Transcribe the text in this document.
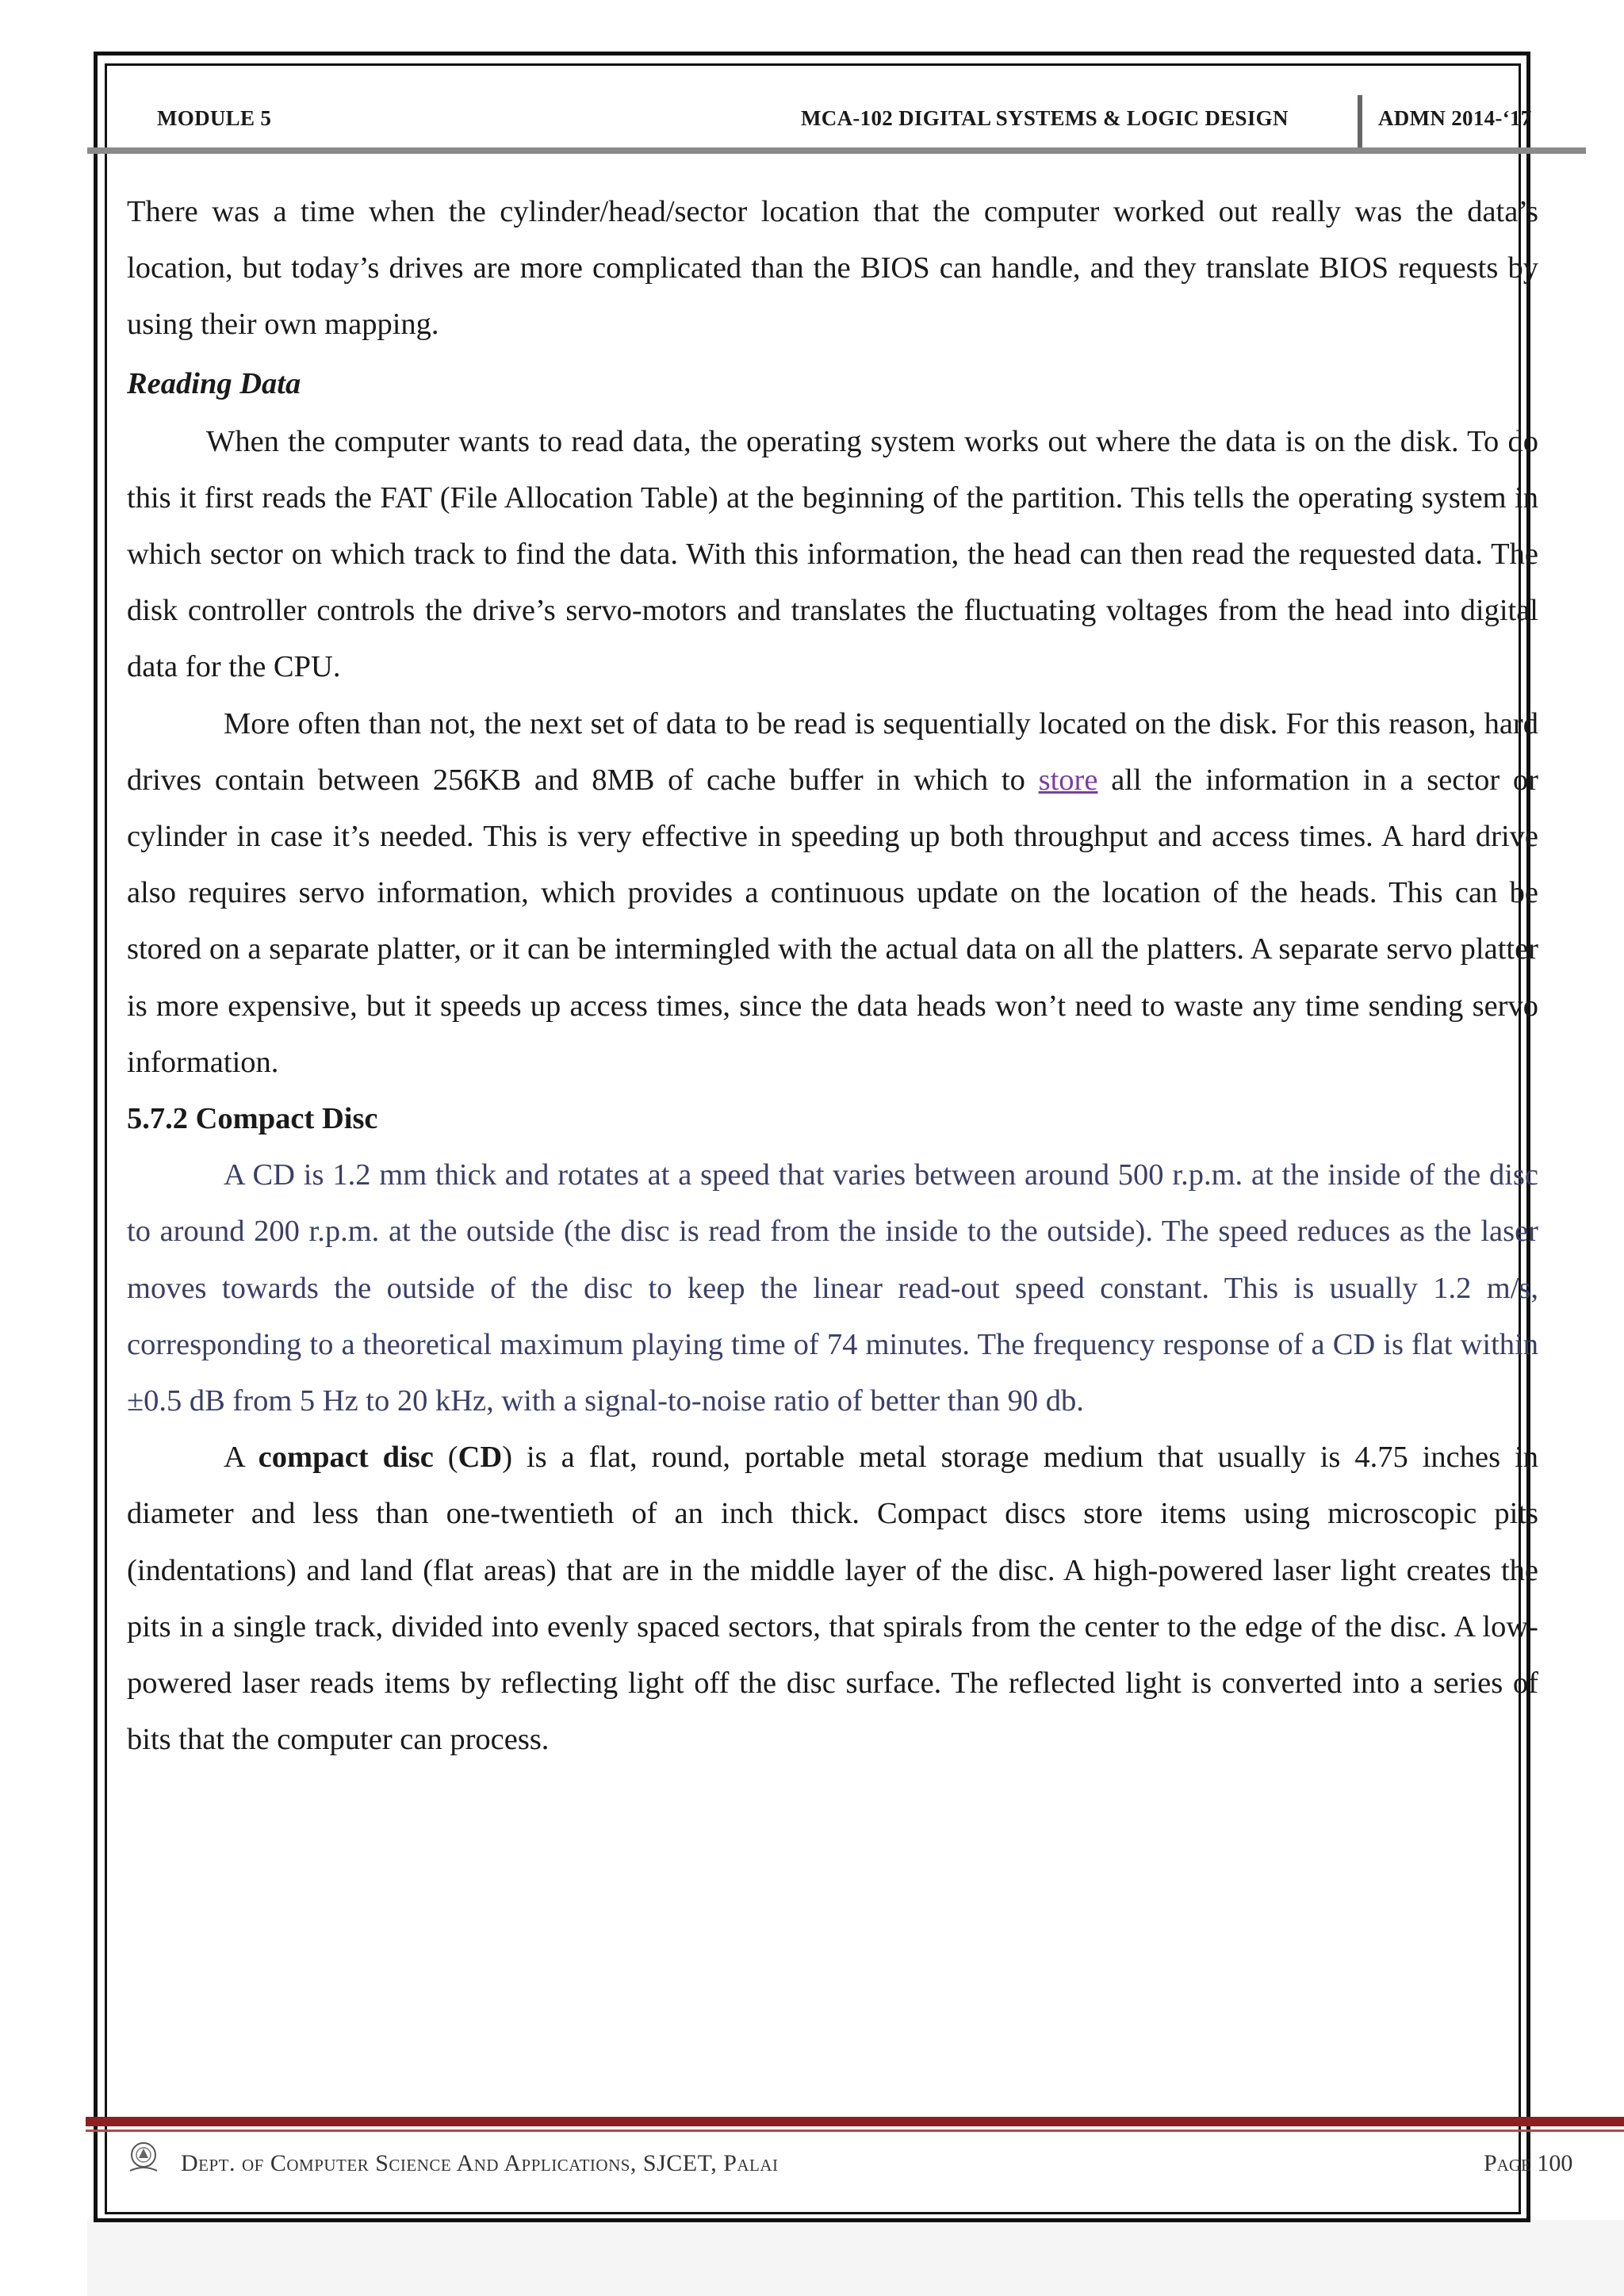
MODULE 5	MCA-102 DIGITAL SYSTEMS & LOGIC DESIGN	ADMN 2014-‘17

There was a time when the cylinder/head/sector location that the computer worked out really was the data’s location, but today’s drives are more complicated than the BIOS can handle, and they translate BIOS requests by using their own mapping.

Reading Data

When the computer wants to read data, the operating system works out where the data is on the disk. To do this it first reads the FAT (File Allocation Table) at the beginning of the partition. This tells the operating system in which sector on which track to find the data. With this information, the head can then read the requested data. The disk controller controls the drive’s servo-motors and translates the fluctuating voltages from the head into digital data for the CPU.

More often than not, the next set of data to be read is sequentially located on the disk. For this reason, hard drives contain between 256KB and 8MB of cache buffer in which to store all the information in a sector or cylinder in case it’s needed. This is very effective in speeding up both throughput and access times. A hard drive also requires servo information, which provides a continuous update on the location of the heads. This can be stored on a separate platter, or it can be intermingled with the actual data on all the platters. A separate servo platter is more expensive, but it speeds up access times, since the data heads won’t need to waste any time sending servo information.

5.7.2 Compact Disc

A CD is 1.2 mm thick and rotates at a speed that varies between around 500 r.p.m. at the inside of the disc to around 200 r.p.m. at the outside (the disc is read from the inside to the outside). The speed reduces as the laser moves towards the outside of the disc to keep the linear read-out speed constant. This is usually 1.2 m/s, corresponding to a theoretical maximum playing time of 74 minutes. The frequency response of a CD is flat within ±0.5 dB from 5 Hz to 20 kHz, with a signal-to-noise ratio of better than 90 db.

A compact disc (CD) is a flat, round, portable metal storage medium that usually is 4.75 inches in diameter and less than one-twentieth of an inch thick. Compact discs store items using microscopic pits (indentations) and land (flat areas) that are in the middle layer of the disc. A high-powered laser light creates the pits in a single track, divided into evenly spaced sectors, that spirals from the center to the edge of the disc. A low-powered laser reads items by reflecting light off the disc surface. The reflected light is converted into a series of bits that the computer can process.

Dept. of Computer Science And Applications, SJCET, Palai	Page 100
